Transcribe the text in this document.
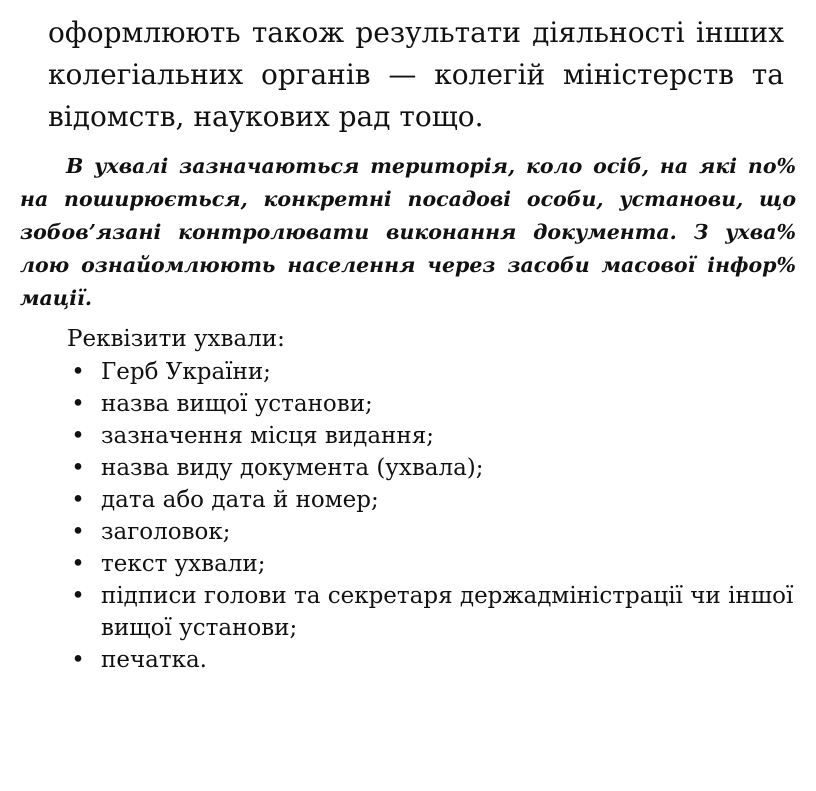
оформлюють також результати діяльності інших колегіальних органів — колегій міністерств та відомств, наукових рад тощо.

В ухвалі зазначаються територія, коло осіб, на які по% на поширюється, конкретні посадові особи, установи, що зобов’язані контролювати виконання документа. З ухва% лою ознайомлюють населення через засоби масової інфор% мації.

Реквізити ухвали:

• Герб України;
• назва вищої установи;
• зазначення місця видання;
• назва виду документа (ухвала);
• дата або дата й номер;
• заголовок;
• текст ухвали;
• підписи голови та секретаря держадміністрації чи іншої вищої установи;
• печатка.
